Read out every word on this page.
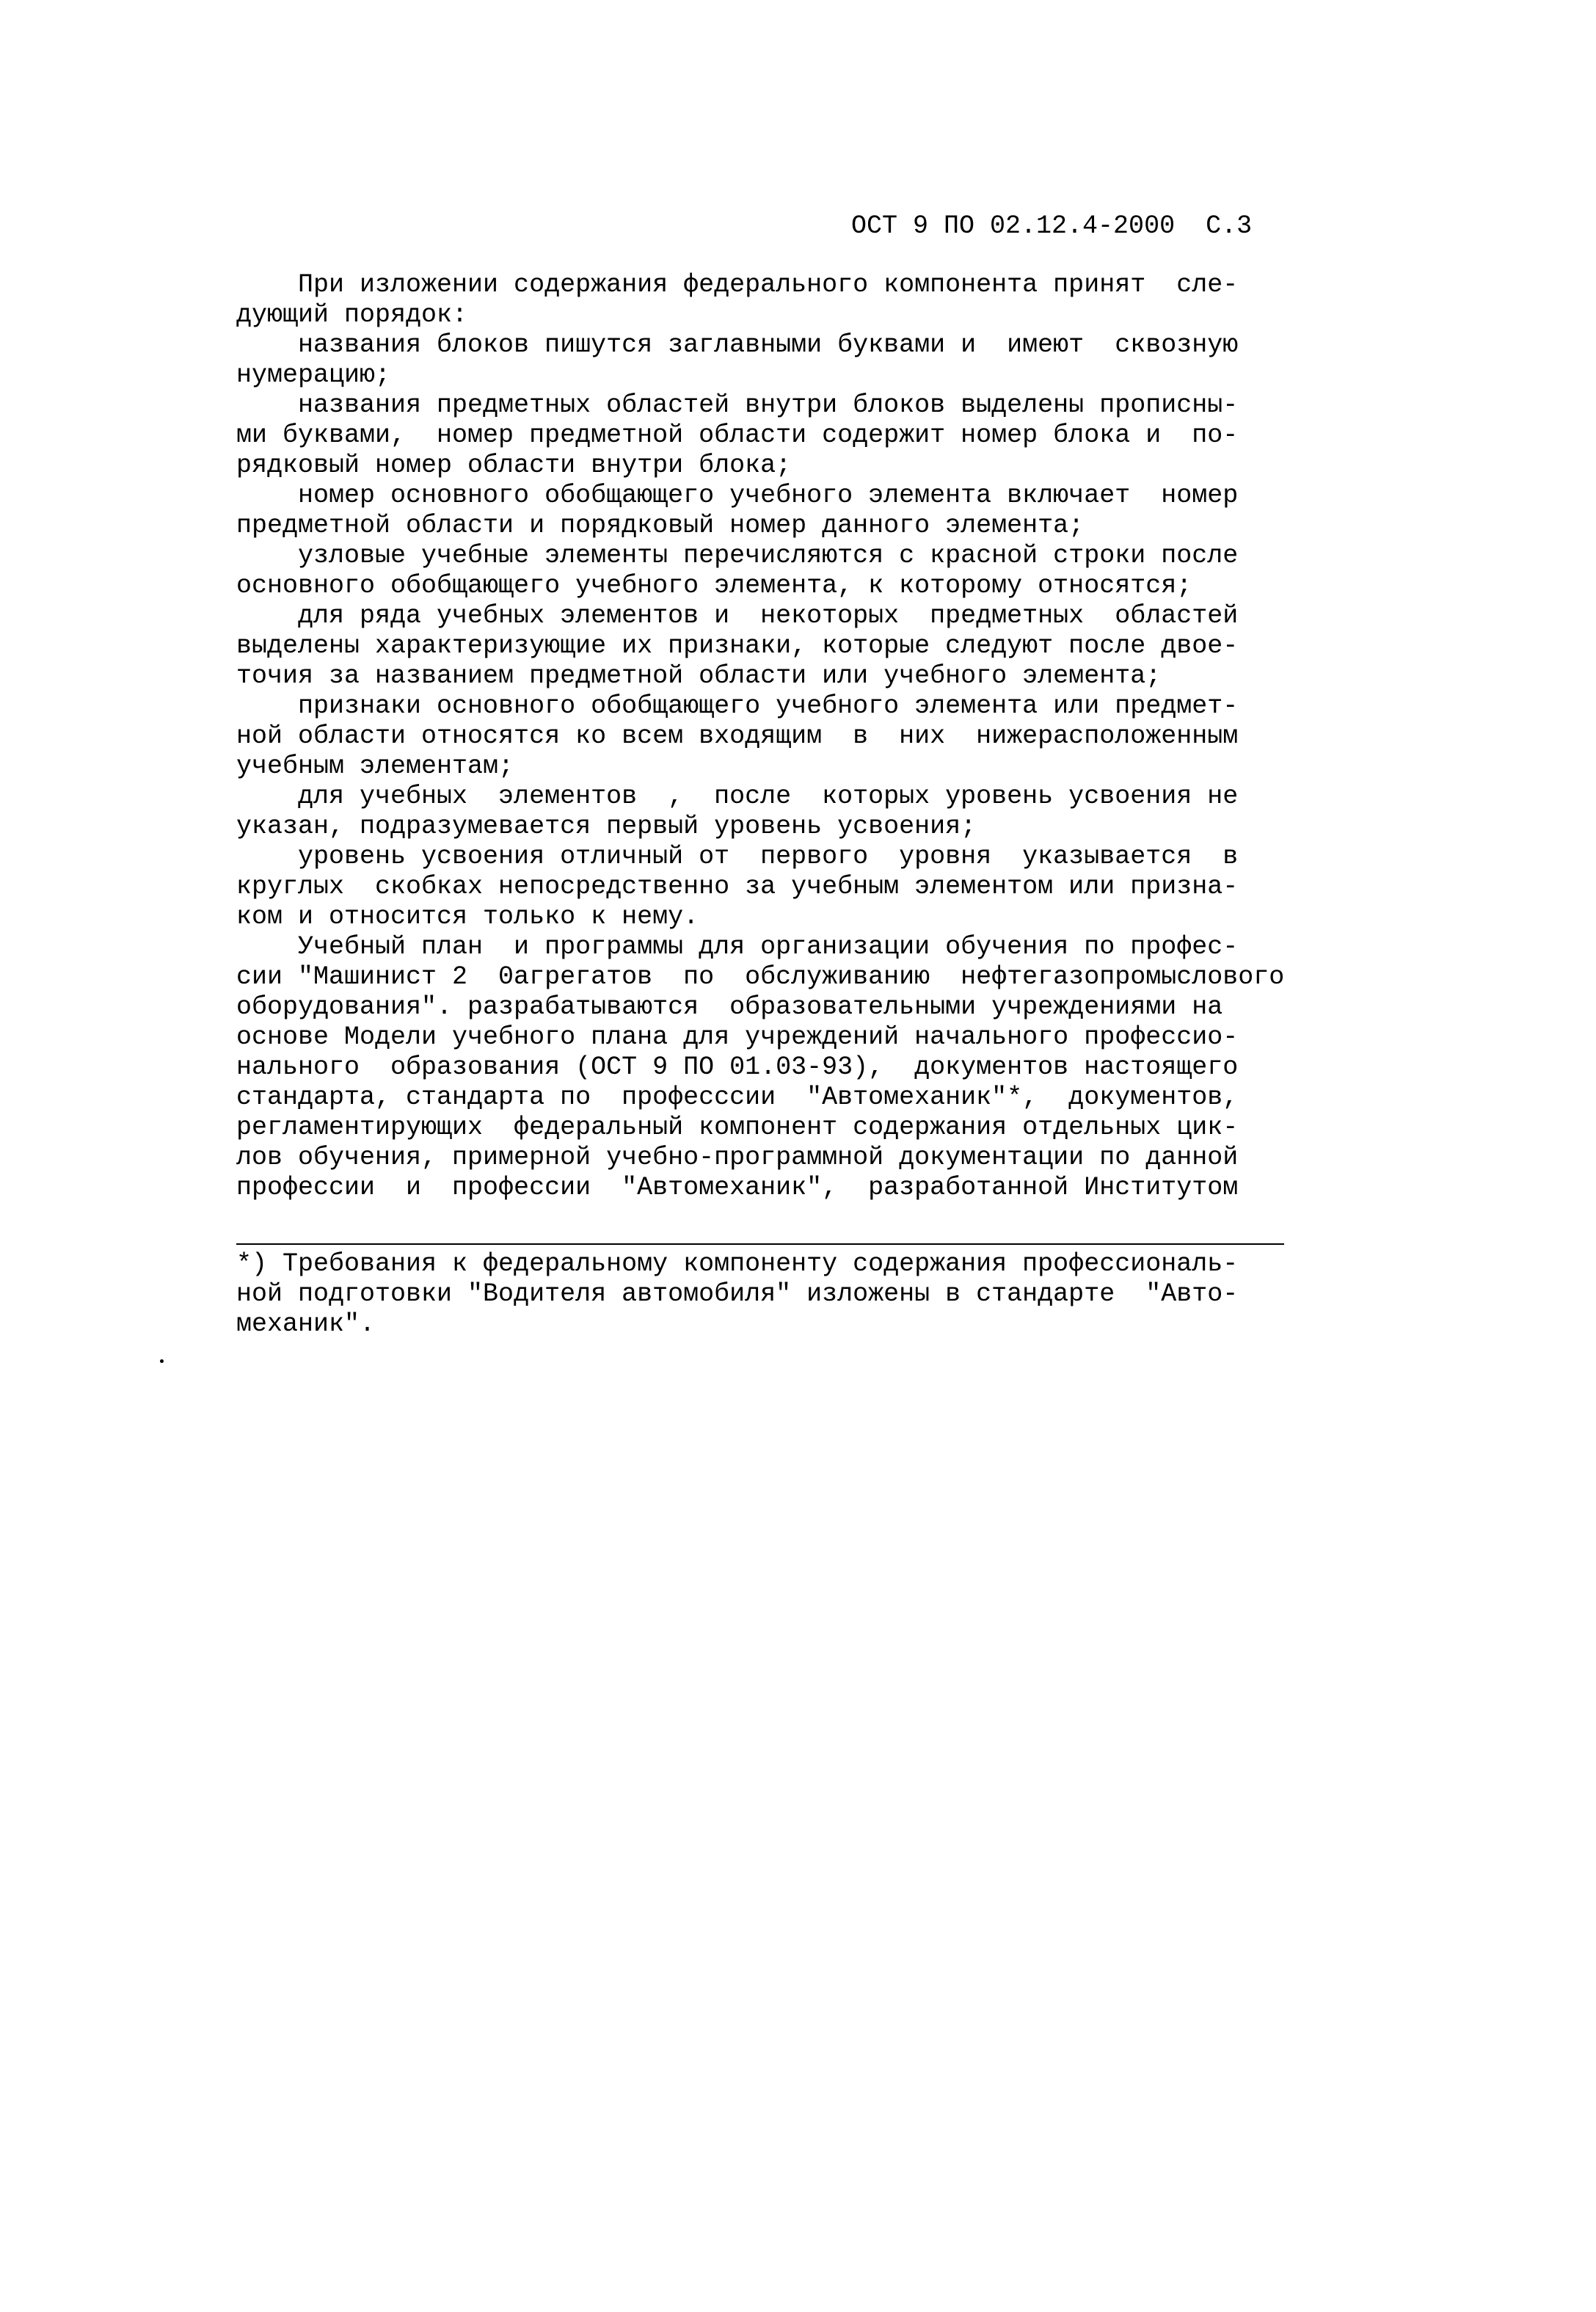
ОСТ 9 ПО 02.12.4-2000  С.3
При изложении содержания федерального компонента принят  сле-
дующий порядок:
названия блоков пишутся заглавными буквами и  имеют  сквозную
нумерацию;
названия предметных областей внутри блоков выделены прописны-
ми буквами,  номер предметной области содержит номер блока и  по-
рядковый номер области внутри блока;
номер основного обобщающего учебного элемента включает  номер
предметной области и порядковый номер данного элемента;
узловые учебные элементы перечисляются с красной строки после
основного обобщающего учебного элемента, к которому относятся;
для ряда учебных элементов и  некоторых  предметных  областей
выделены характеризующие их признаки, которые следуют после двое-
точия за названием предметной области или учебного элемента;
признаки основного обобщающего учебного элемента или предмет-
ной области относятся ко всем входящим  в  них  нижерасположенным
учебным элементам;
для учебных  элементов  ,  после  которых уровень усвоения не
указан, подразумевается первый уровень усвоения;
уровень усвоения отличный от  первого  уровня  указывается  в
круглых  скобках непосредственно за учебным элементом или призна-
ком и относится только к нему.
Учебный план  и программы для организации обучения по профес-
сии "Машинист 2  0агрегатов  по  обслуживанию  нефтегазопромыслового
оборудования". разрабатываются  образовательными учреждениями на
основе Модели учебного плана для учреждений начального профессио-
нального  образования (ОСТ 9 ПО 01.03-93),  документов настоящего
стандарта, стандарта по  професссии  "Автомеханик"*,  документов,
регламентирующих  федеральный компонент содержания отдельных цик-
лов обучения, примерной учебно-программной документации по данной
профессии  и  профессии  "Автомеханик",  разработанной Институтом
*) Требования к федеральному компоненту содержания профессиональ-
ной подготовки "Водителя автомобиля" изложены в стандарте  "Авто-
механик".
